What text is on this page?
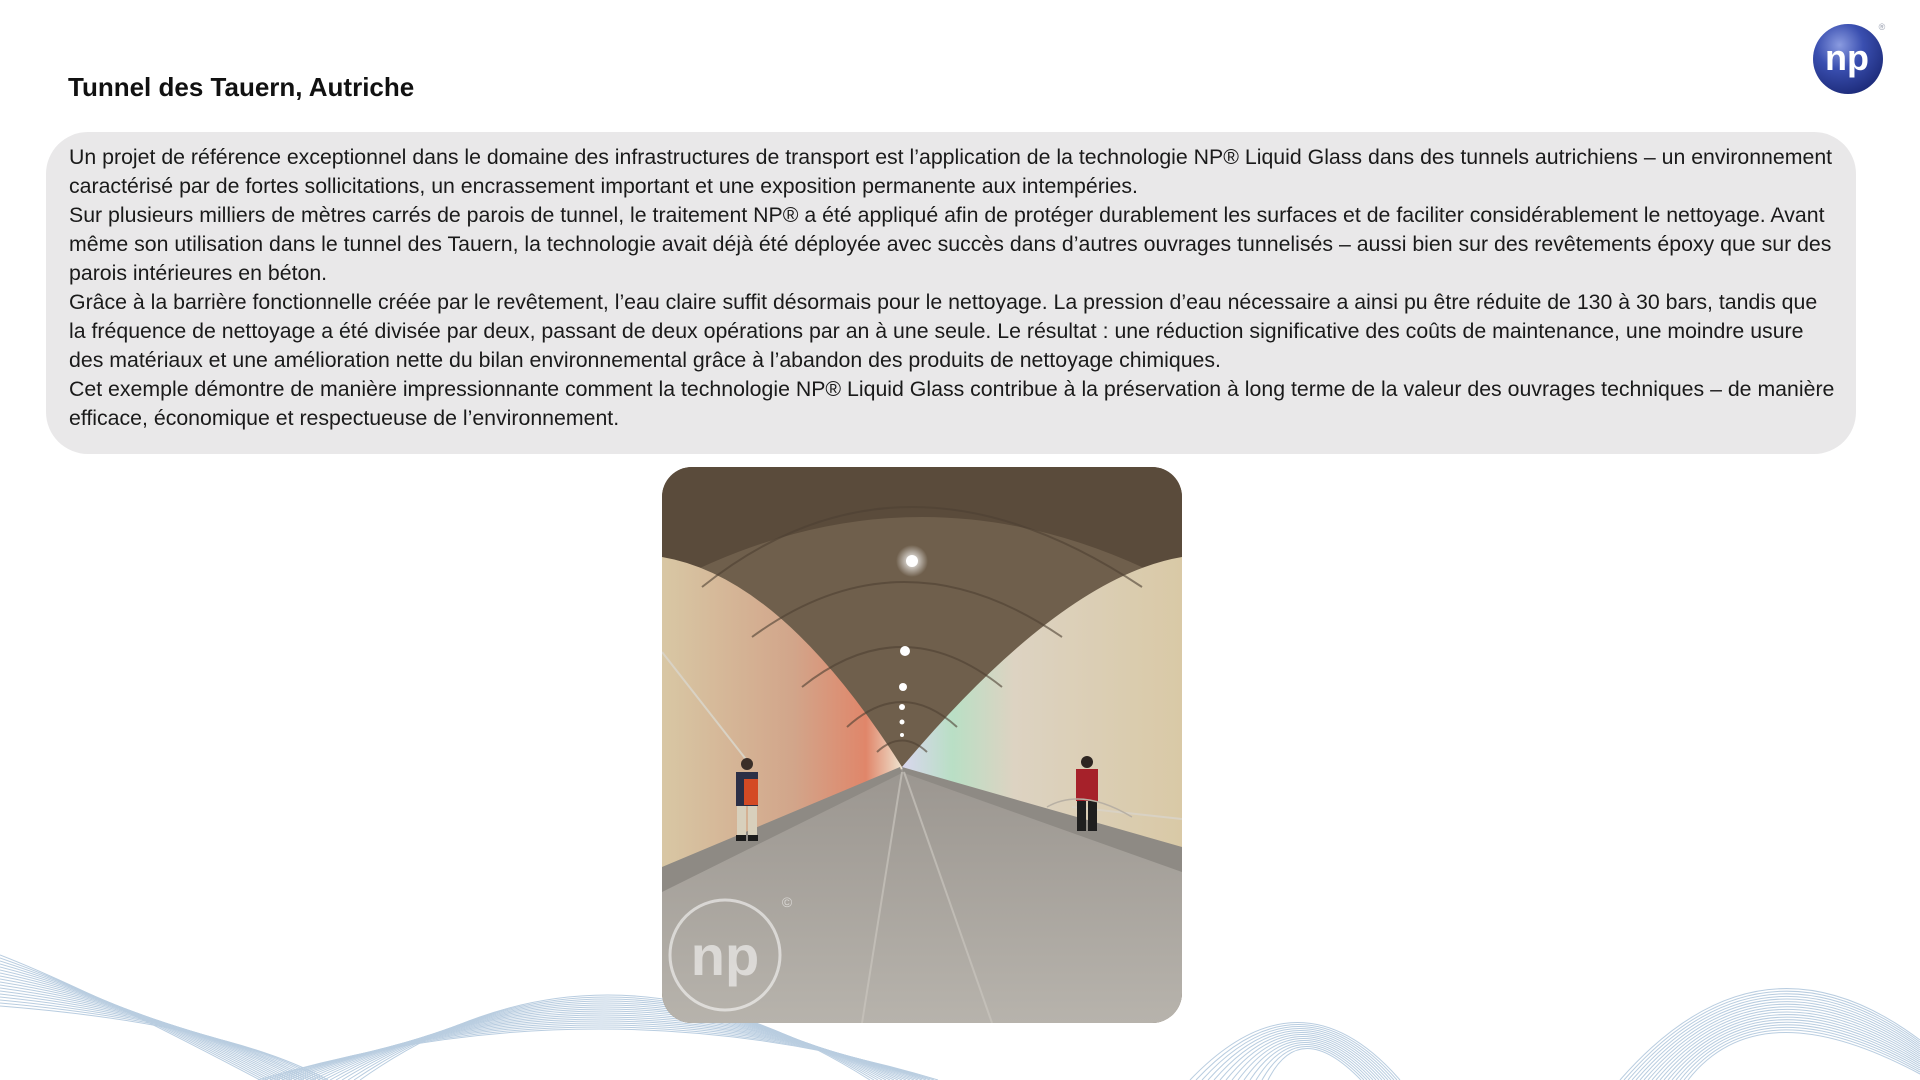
np
®
Tunnel des Tauern, Autriche

Un projet de référence exceptionnel dans le domaine des infrastructures de transport est l’application de la technologie NP® Liquid Glass dans des tunnels autrichiens – un environnement caractérisé par de fortes sollicitations, un encrassement important et une exposition permanente aux intempéries.

Sur plusieurs milliers de mètres carrés de parois de tunnel, le traitement NP® a été appliqué afin de protéger durablement les surfaces et de faciliter considérablement le nettoyage. Avant même son utilisation dans le tunnel des Tauern, la technologie avait déjà été déployée avec succès dans d’autres ouvrages tunnelisés – aussi bien sur des revêtements époxy que sur des parois intérieures en béton.

Grâce à la barrière fonctionnelle créée par le revêtement, l’eau claire suffit désormais pour le nettoyage. La pression d’eau nécessaire a ainsi pu être réduite de 130 à 30 bars, tandis que la fréquence de nettoyage a été divisée par deux, passant de deux opérations par an à une seule. Le résultat : une réduction significative des coûts de maintenance, une moindre usure des matériaux et une amélioration nette du bilan environnemental grâce à l’abandon des produits de nettoyage chimiques.

Cet exemple démontre de manière impressionnante comment la technologie NP® Liquid Glass contribue à la préservation à long terme de la valeur des ouvrages techniques – de manière efficace, économique et respectueuse de l’environnement.

np
©
